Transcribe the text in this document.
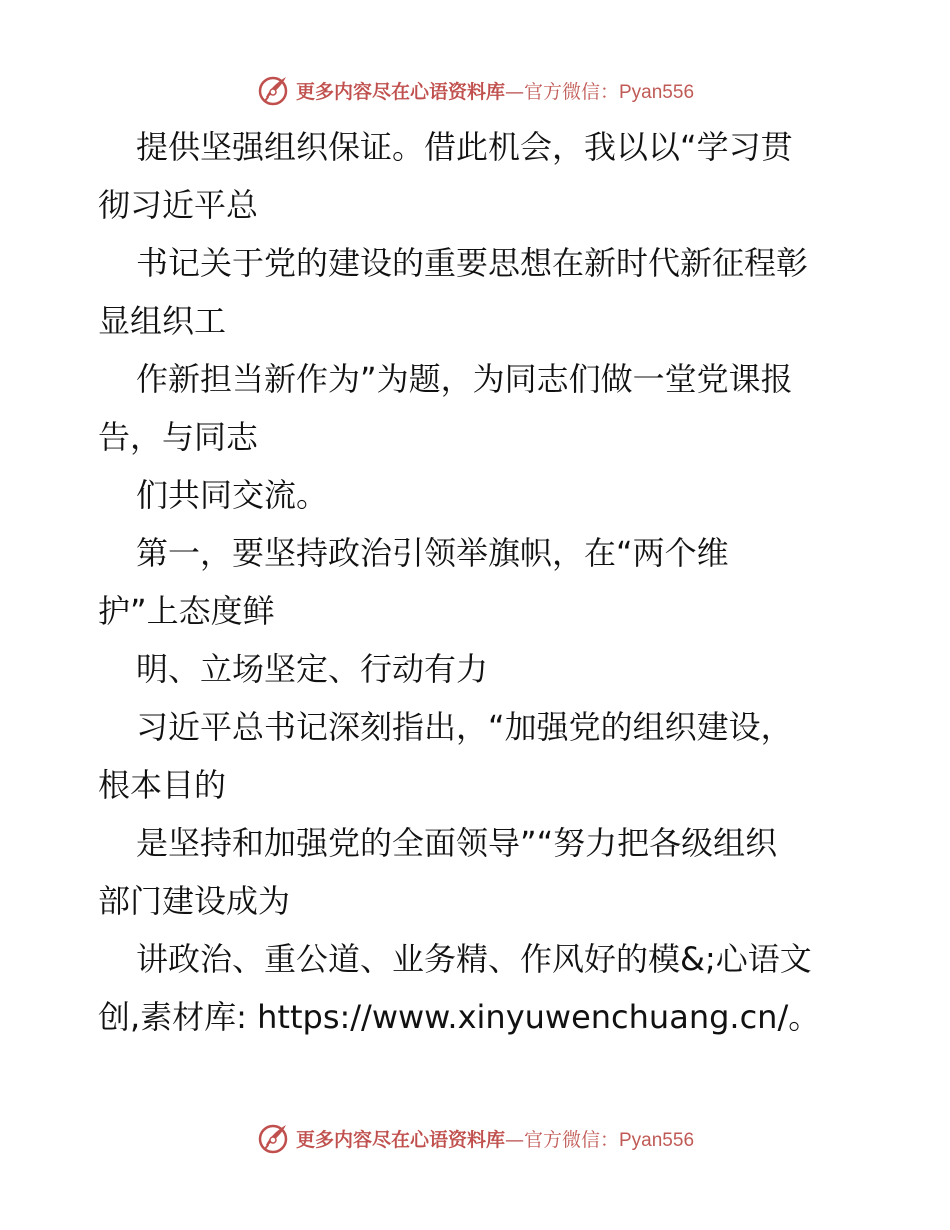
更多内容尽在心语资料库—官方微信：Pyan556
提供坚强组织保证。借此机会，我以以“学习贯
彻习近平总
书记关于党的建设的重要思想在新时代新征程彰
显组织工
作新担当新作为”为题，为同志们做一堂党课报
告，与同志
们共同交流。
第一，要坚持政治引领举旗帜，在“两个维
护”上态度鲜
明、立场坚定、行动有力
习近平总书记深刻指出，“加强党的组织建设，
根本目的
是坚持和加强党的全面领导”“努力把各级组织
部门建设成为
讲政治、重公道、业务精、作风好的模&;心语文
创,素材库: https://www.xinyuwenchuang.cn/。
更多内容尽在心语资料库—官方微信：Pyan556
